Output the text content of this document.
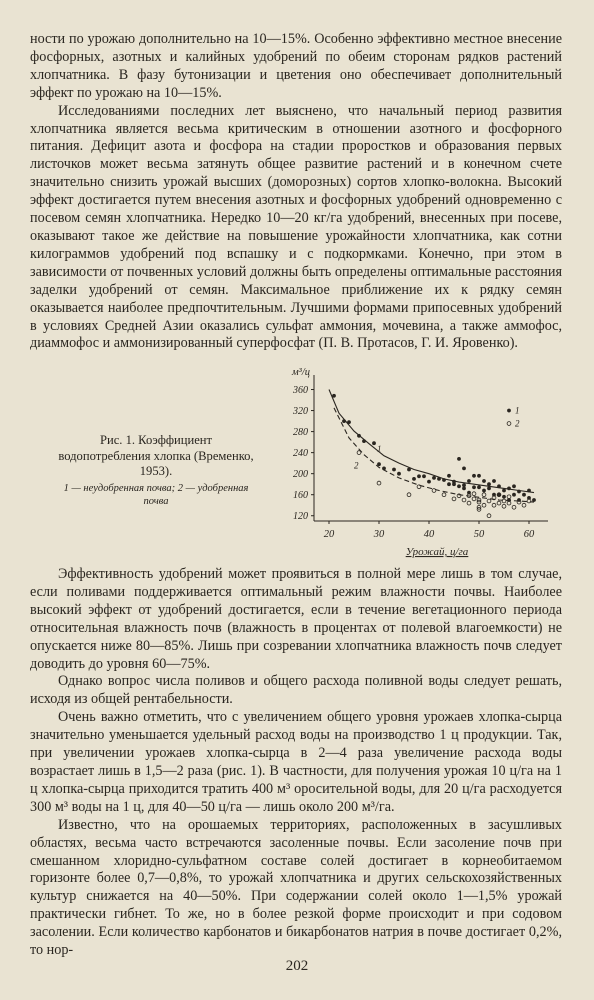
ности по урожаю дополнительно на 10—15%. Особенно эффективно местное внесение фосфорных, азотных и калийных удобрений по обеим сторонам рядков растений хлопчатника. В фазу бутонизации и цветения оно обеспечивает дополнительный эффект по урожаю на 10—15%.

Исследованиями последних лет выяснено, что начальный период развития хлопчатника является весьма критическим в отношении азотного и фосфорного питания. Дефицит азота и фосфора на стадии проростков и образования первых листочков может весьма затянуть общее развитие растений и в конечном счете значительно снизить урожай высших (доморозных) сортов хлопко-волокна. Высокий эффект достигается путем внесения азотных и фосфорных удобрений одновременно с посевом семян хлопчатника. Нередко 10—20 кг/га удобрений, внесенных при посеве, оказывают такое же действие на повышение урожайности хлопчатника, как сотни килограммов удобрений под вспашку и с подкормками. Конечно, при этом в зависимости от почвенных условий должны быть определены оптимальные расстояния заделки удобрений от семян. Максимальное приближение их к рядку семян оказывается наиболее предпочтительным. Лучшими формами припосевных удобрений в условиях Средней Азии оказались сульфат аммония, мочевина, а также аммофос, диаммофос и аммонизированный суперфосфат (П. В. Протасов, Г. И. Яровенко).

Рис. 1. Коэффициент водопотребления хлопка (Временко, 1953).
1 — неудобренная почва; 2 — удобренная почва
120
160
200
240
280
320
360
20	30	40	50	60
м³/ц
Урожай, ц/га
1
2
1
2

Эффективность удобрений может проявиться в полной мере лишь в том случае, если поливами поддерживается оптимальный режим влажности почвы. Наиболее высокий эффект от удобрений достигается, если в течение вегетационного периода относительная влажность почв (влажность в процентах от полевой влагоемкости) не опускается ниже 80—85%. Лишь при созревании хлопчатника влажность почв следует доводить до уровня 60—75%.

Однако вопрос числа поливов и общего расхода поливной воды следует решать, исходя из общей рентабельности.

Очень важно отметить, что с увеличением общего уровня урожаев хлопка-сырца значительно уменьшается удельный расход воды на производство 1 ц продукции. Так, при увеличении урожаев хлопка-сырца в 2—4 раза увеличение расхода воды возрастает лишь в 1,5—2 раза (рис. 1). В частности, для получения урожая 10 ц/га на 1 ц хлопка-сырца приходится тратить 400 м³ оросительной воды, для 20 ц/га расходуется 300 м³ воды на 1 ц, для 40—50 ц/га — лишь около 200 м³/га.

Известно, что на орошаемых территориях, расположенных в засушливых областях, весьма часто встречаются засоленные почвы. Если засоление почв при смешанном хлоридно-сульфатном составе солей достигает в корнеобитаемом горизонте более 0,7—0,8%, то урожай хлопчатника и других сельскохозяйственных культур снижается на 40—50%. При содержании солей около 1—1,5% урожай практически гибнет. То же, но в более резкой форме происходит и при содовом засолении. Если количество карбонатов и бикарбонатов натрия в почве достигает 0,2%, то нор-

202
